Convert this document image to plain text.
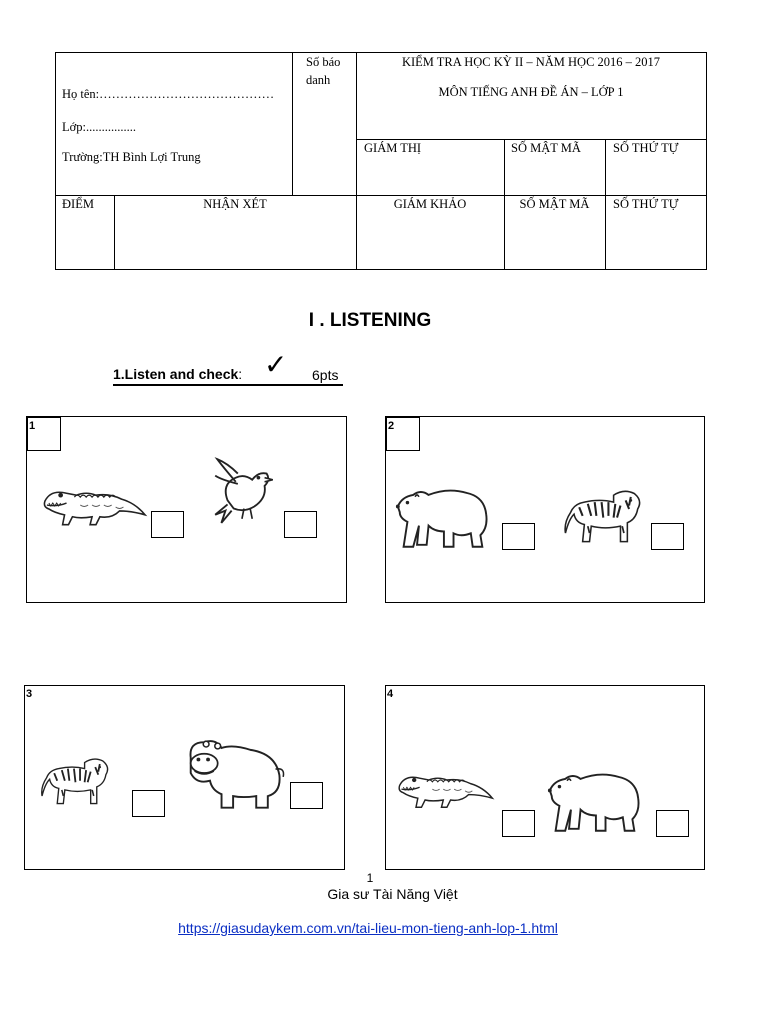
Họ tên:……………………………………
Lớp:................
Trường:TH Bình Lợi Trung
Số báo
danh
KIỂM TRA HỌC KỲ II – NĂM HỌC 2016 – 2017
MÔN TIẾNG ANH ĐỀ ÁN – LỚP 1
GIÁM THỊ	SỐ MẬT MÃ	SỐ THỨ TỰ
ĐIỂM	NHẬN XÉT	GIÁM KHẢO	SỐ MẬT MÃ	SỐ THỨ TỰ
I . LISTENING
1.Listen and check: ✓ 6pts
1	2
3	4
1
Gia sư Tài Năng Việt
https://giasudaykem.com.vn/tai-lieu-mon-tieng-anh-lop-1.html
